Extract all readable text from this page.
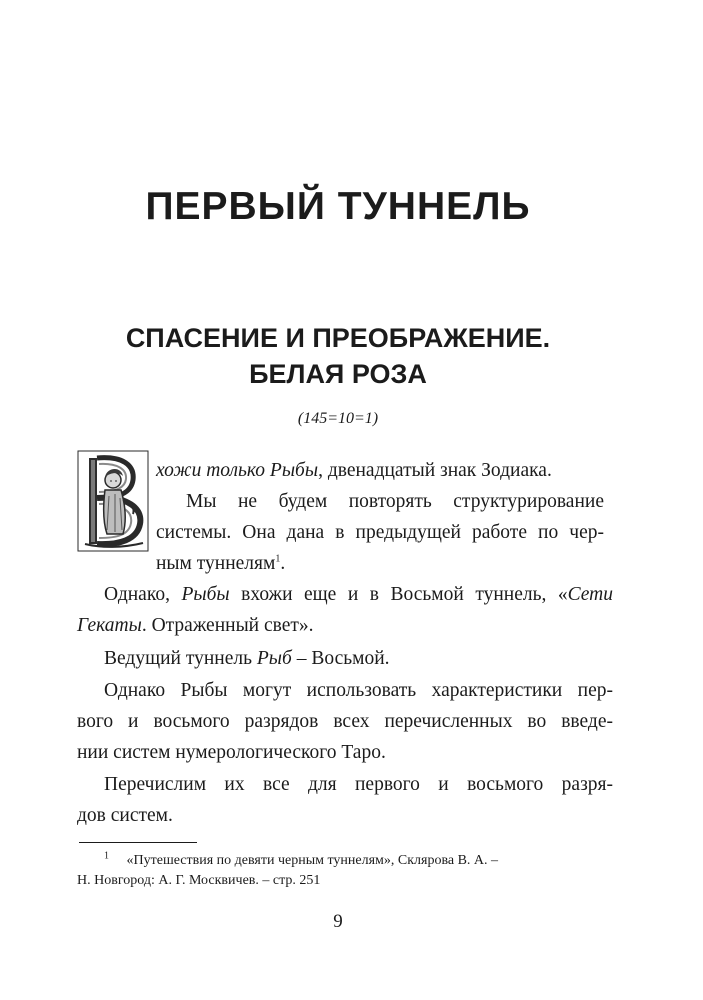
ПЕРВЫЙ ТУННЕЛЬ
СПАСЕНИЕ И ПРЕОБРАЖЕНИЕ.
БЕЛАЯ РОЗА
(145=10=1)

хожи только Рыбы, двенадцатый знак Зодиака.

Мы не будем повторять структурирование

системы. Она дана в предыдущей работе по чер-

ным туннелям$^1$.

Однако, Рыбы вхожи еще и в Восьмой туннель, «Сети

Гекаты. Отраженный свет».

Ведущий туннель Рыб – Восьмой.

Однако Рыбы могут использовать характеристики пер-

вого и восьмого разрядов всех перечисленных во введе-

нии систем нумерологического Таро.

Перечислим их все для первого и восьмого разря-

дов систем.

$^1$ «Путешествия по девяти черным туннелям», Склярова В. А. –
Н. Новгород: А. Г. Москвичев. – стр. 251
9
